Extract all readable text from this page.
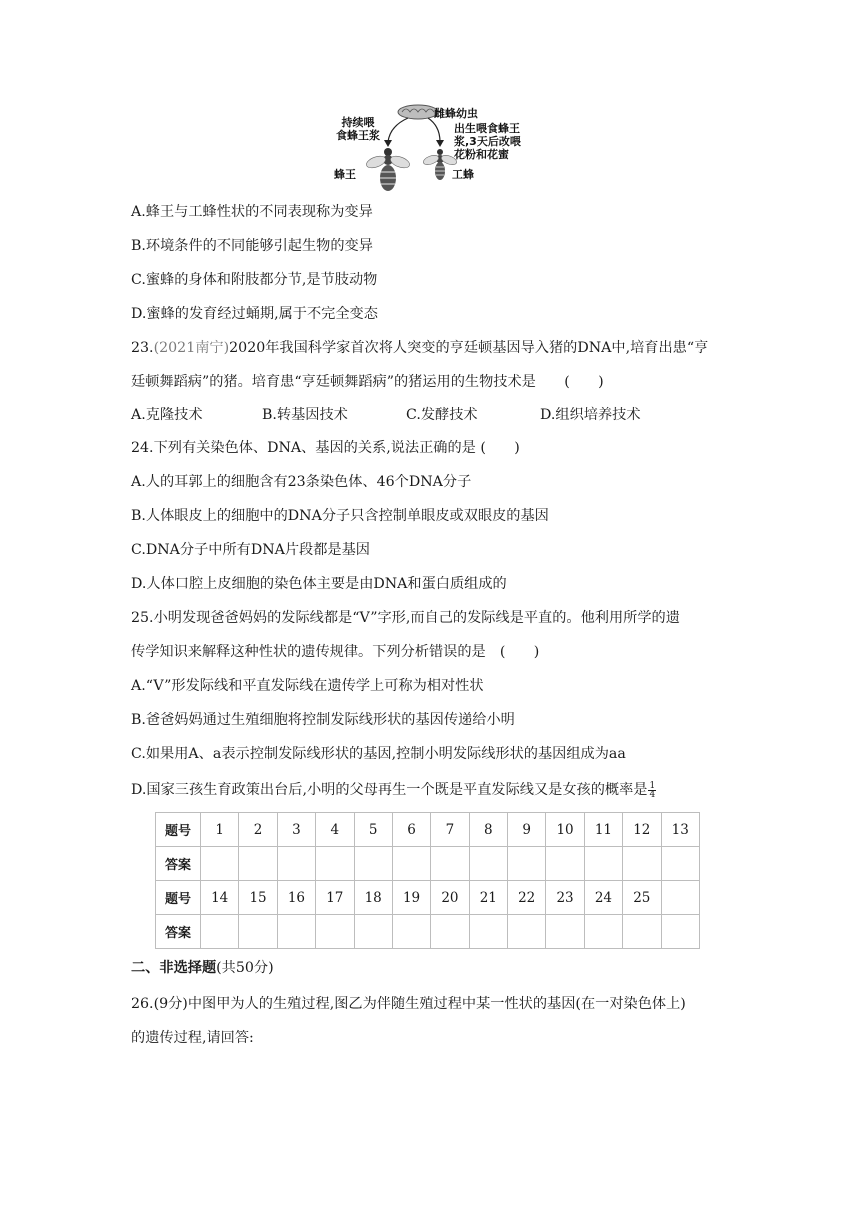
雌蜂幼虫
持续喂
食蜂王浆
出生喂食蜂王
浆,3天后改喂
花粉和花蜜
蜂王	工蜂
A.蜂王与工蜂性状的不同表现称为变异
B.环境条件的不同能够引起生物的变异
C.蜜蜂的身体和附肢都分节,是节肢动物
D.蜜蜂的发育经过蛹期,属于不完全变态
23.(2021南宁)2020年我国科学家首次将人突变的亨廷顿基因导入猪的DNA中,培育出患“亨
廷顿舞蹈病”的猪。培育患“亨廷顿舞蹈病”的猪运用的生物技术是　　(　　)
A.克隆技术	B.转基因技术	C.发酵技术	D.组织培养技术
24.下列有关染色体、DNA、基因的关系,说法正确的是 (　　)
A.人的耳郭上的细胞含有23条染色体、46个DNA分子
B.人体眼皮上的细胞中的DNA分子只含控制单眼皮或双眼皮的基因
C.DNA分子中所有DNA片段都是基因
D.人体口腔上皮细胞的染色体主要是由DNA和蛋白质组成的
25.小明发现爸爸妈妈的发际线都是“V”字形,而自己的发际线是平直的。他利用所学的遗
传学知识来解释这种性状的遗传规律。下列分析错误的是　(　　)
A.“V”形发际线和平直发际线在遗传学上可称为相对性状
B.爸爸妈妈通过生殖细胞将控制发际线形状的基因传递给小明
C.如果用A、a表示控制发际线形状的基因,控制小明发际线形状的基因组成为aa
D.国家三孩生育政策出台后,小明的父母再生一个既是平直发际线又是女孩的概率是 $\frac{1}{4}$
题号	1	2	3	4	5	6	7	8	9	10	11	12	13
答案													
题号	14	15	16	17	18	19	20	21	22	23	24	25	
答案													
二、非选择题(共50分)
26.(9分)中图甲为人的生殖过程,图乙为伴随生殖过程中某一性状的基因(在一对染色体上)
的遗传过程,请回答:
